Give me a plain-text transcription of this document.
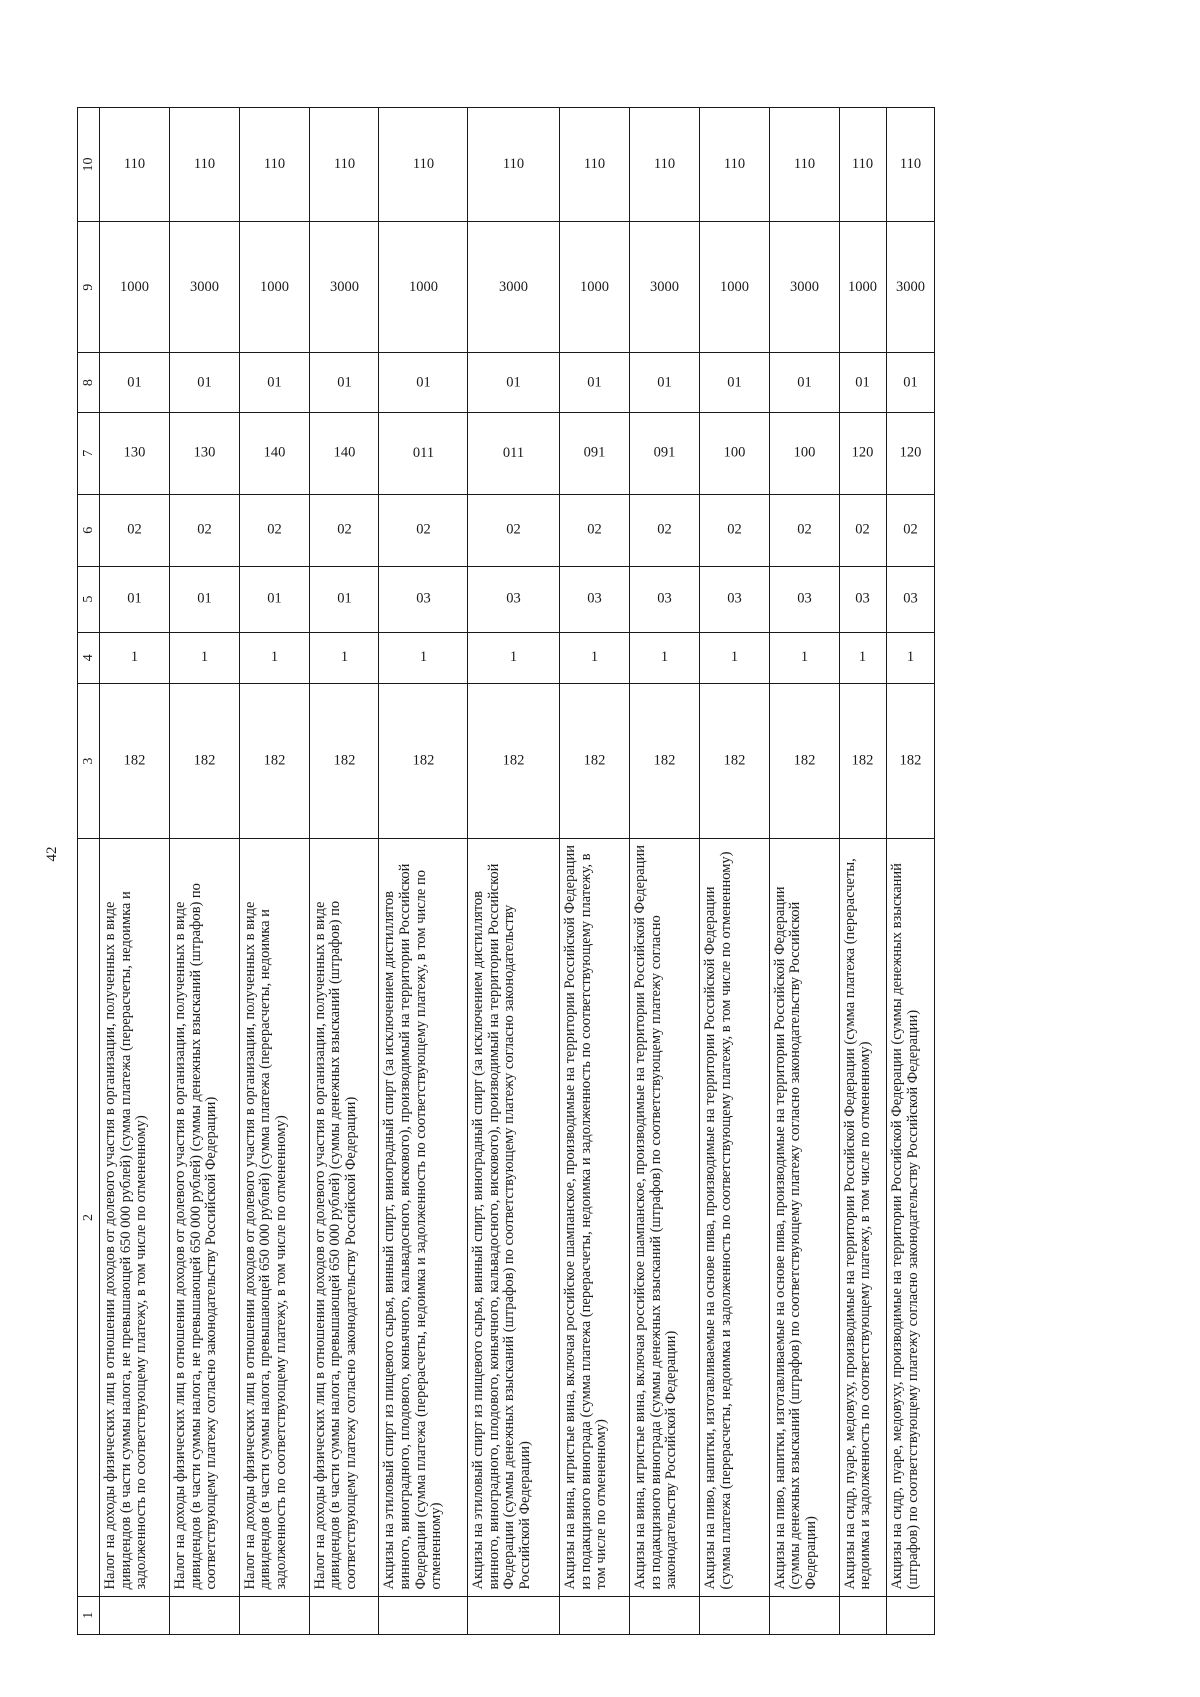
42
1	2	3	4	5	6	7	8	9	10
	Налог на доходы физических лиц в отношении доходов от долевого участия в организации, полученных в виде дивидендов (в части суммы налога, не превышающей 650 000 рублей) (сумма платежа (перерасчеты, недоимка и задолженность по соответствующему платежу, в том числе по отмененному)	182	1	01	02	130	01	1000	110
	Налог на доходы физических лиц в отношении доходов от долевого участия в организации, полученных в виде дивидендов (в части суммы налога, не превышающей 650 000 рублей) (суммы денежных взысканий (штрафов) по соответствующему платежу согласно законодательству Российской Федерации)	182	1	01	02	130	01	3000	110
	Налог на доходы физических лиц в отношении доходов от долевого участия в организации, полученных в виде дивидендов (в части суммы налога, превышающей 650 000 рублей) (сумма платежа (перерасчеты, недоимка и задолженность по соответствующему платежу, в том числе по отмененному)	182	1	01	02	140	01	1000	110
	Налог на доходы физических лиц в отношении доходов от долевого участия в организации, полученных в виде дивидендов (в части суммы налога, превышающей 650 000 рублей) (суммы денежных взысканий (штрафов) по соответствующему платежу согласно законодательству Российской Федерации)	182	1	01	02	140	01	3000	110
	Акцизы на этиловый спирт из пищевого сырья, винный спирт, виноградный спирт (за исключением дистиллятов винного, виноградного, плодового, коньячного, кальвадосного, вискового), производимый на территории Российской Федерации (сумма платежа (перерасчеты, недоимка и задолженность по соответствующему платежу, в том числе по отмененному)	182	1	03	02	011	01	1000	110
	Акцизы на этиловый спирт из пищевого сырья, винный спирт, виноградный спирт (за исключением дистиллятов винного, виноградного, плодового, коньячного, кальвадосного, вискового), производимый на территории Российской Федерации (суммы денежных взысканий (штрафов) по соответствующему платежу согласно законодательству Российской Федерации)	182	1	03	02	011	01	3000	110
	Акцизы на вина, игристые вина, включая российское шампанское, производимые на территории Российской Федерации из подакцизного винограда (сумма платежа (перерасчеты, недоимка и задолженность по соответствующему платежу, в том числе по отмененному)	182	1	03	02	091	01	1000	110
	Акцизы на вина, игристые вина, включая российское шампанское, производимые на территории Российской Федерации из подакцизного винограда (суммы денежных взысканий (штрафов) по соответствующему платежу согласно законодательству Российской Федерации)	182	1	03	02	091	01	3000	110
	Акцизы на пиво, напитки, изготавливаемые на основе пива, производимые на территории Российской Федерации (сумма платежа (перерасчеты, недоимка и задолженность по соответствующему платежу, в том числе по отмененному)	182	1	03	02	100	01	1000	110
	Акцизы на пиво, напитки, изготавливаемые на основе пива, производимые на территории Российской Федерации (суммы денежных взысканий (штрафов) по соответствующему платежу согласно законодательству Российской Федерации)	182	1	03	02	100	01	3000	110
	Акцизы на сидр, пуаре, медовуху, производимые на территории Российской Федерации (сумма платежа (перерасчеты, недоимка и задолженность по соответствующему платежу, в том числе по отмененному)	182	1	03	02	120	01	1000	110
	Акцизы на сидр, пуаре, медовуху, производимые на территории Российской Федерации (суммы денежных взысканий (штрафов) по соответствующему платежу согласно законодательству Российской Федерации)	182	1	03	02	120	01	3000	110
